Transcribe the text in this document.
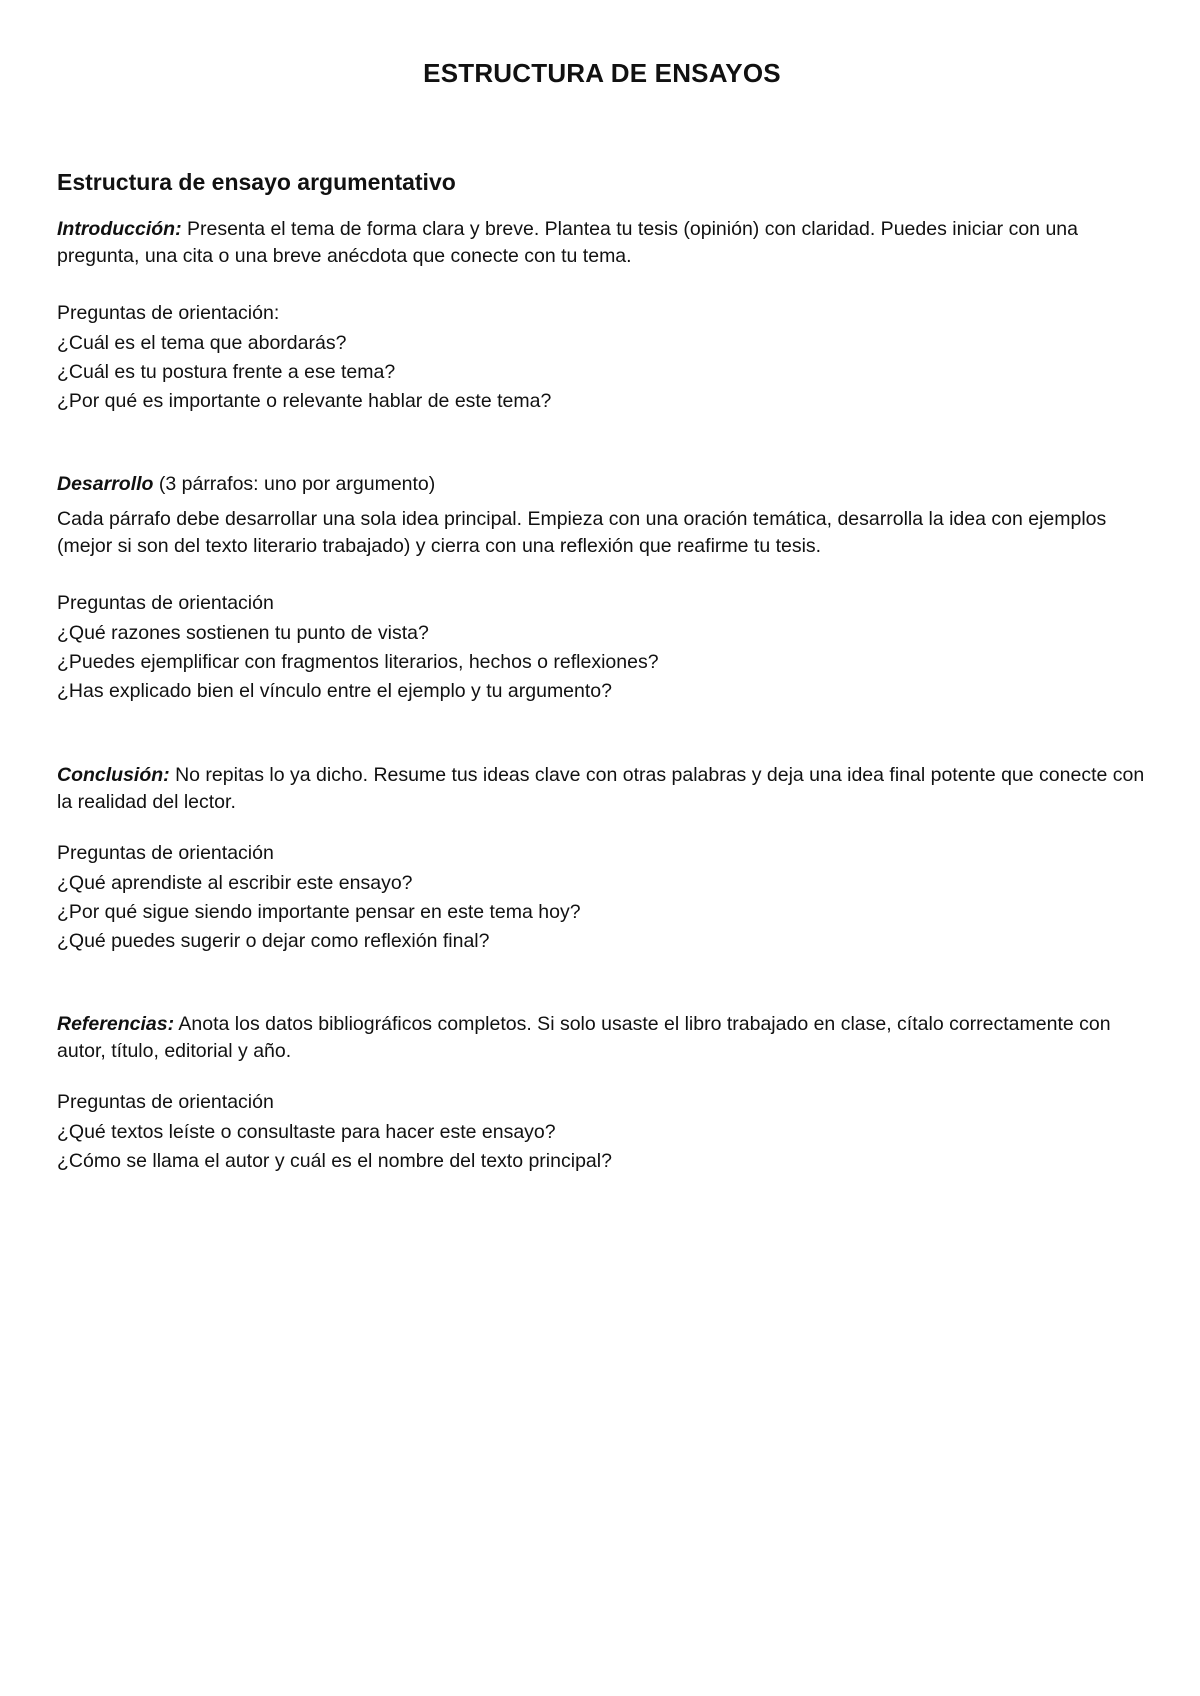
ESTRUCTURA DE ENSAYOS
Estructura de ensayo argumentativo

Introducción: Presenta el tema de forma clara y breve. Plantea tu tesis (opinión) con claridad. Puedes iniciar con una pregunta, una cita o una breve anécdota que conecte con tu tema.

Preguntas de orientación:

¿Cuál es el tema que abordarás?
¿Cuál es tu postura frente a ese tema?
¿Por qué es importante o relevante hablar de este tema?

Desarrollo (3 párrafos: uno por argumento)

Cada párrafo debe desarrollar una sola idea principal. Empieza con una oración temática, desarrolla la idea con ejemplos (mejor si son del texto literario trabajado) y cierra con una reflexión que reafirme tu tesis.

Preguntas de orientación

¿Qué razones sostienen tu punto de vista?
¿Puedes ejemplificar con fragmentos literarios, hechos o reflexiones?
¿Has explicado bien el vínculo entre el ejemplo y tu argumento?

Conclusión: No repitas lo ya dicho. Resume tus ideas clave con otras palabras y deja una idea final potente que conecte con la realidad del lector.

Preguntas de orientación

¿Qué aprendiste al escribir este ensayo?
¿Por qué sigue siendo importante pensar en este tema hoy?
¿Qué puedes sugerir o dejar como reflexión final?

Referencias: Anota los datos bibliográficos completos. Si solo usaste el libro trabajado en clase, cítalo correctamente con autor, título, editorial y año.

Preguntas de orientación

¿Qué textos leíste o consultaste para hacer este ensayo?
¿Cómo se llama el autor y cuál es el nombre del texto principal?
